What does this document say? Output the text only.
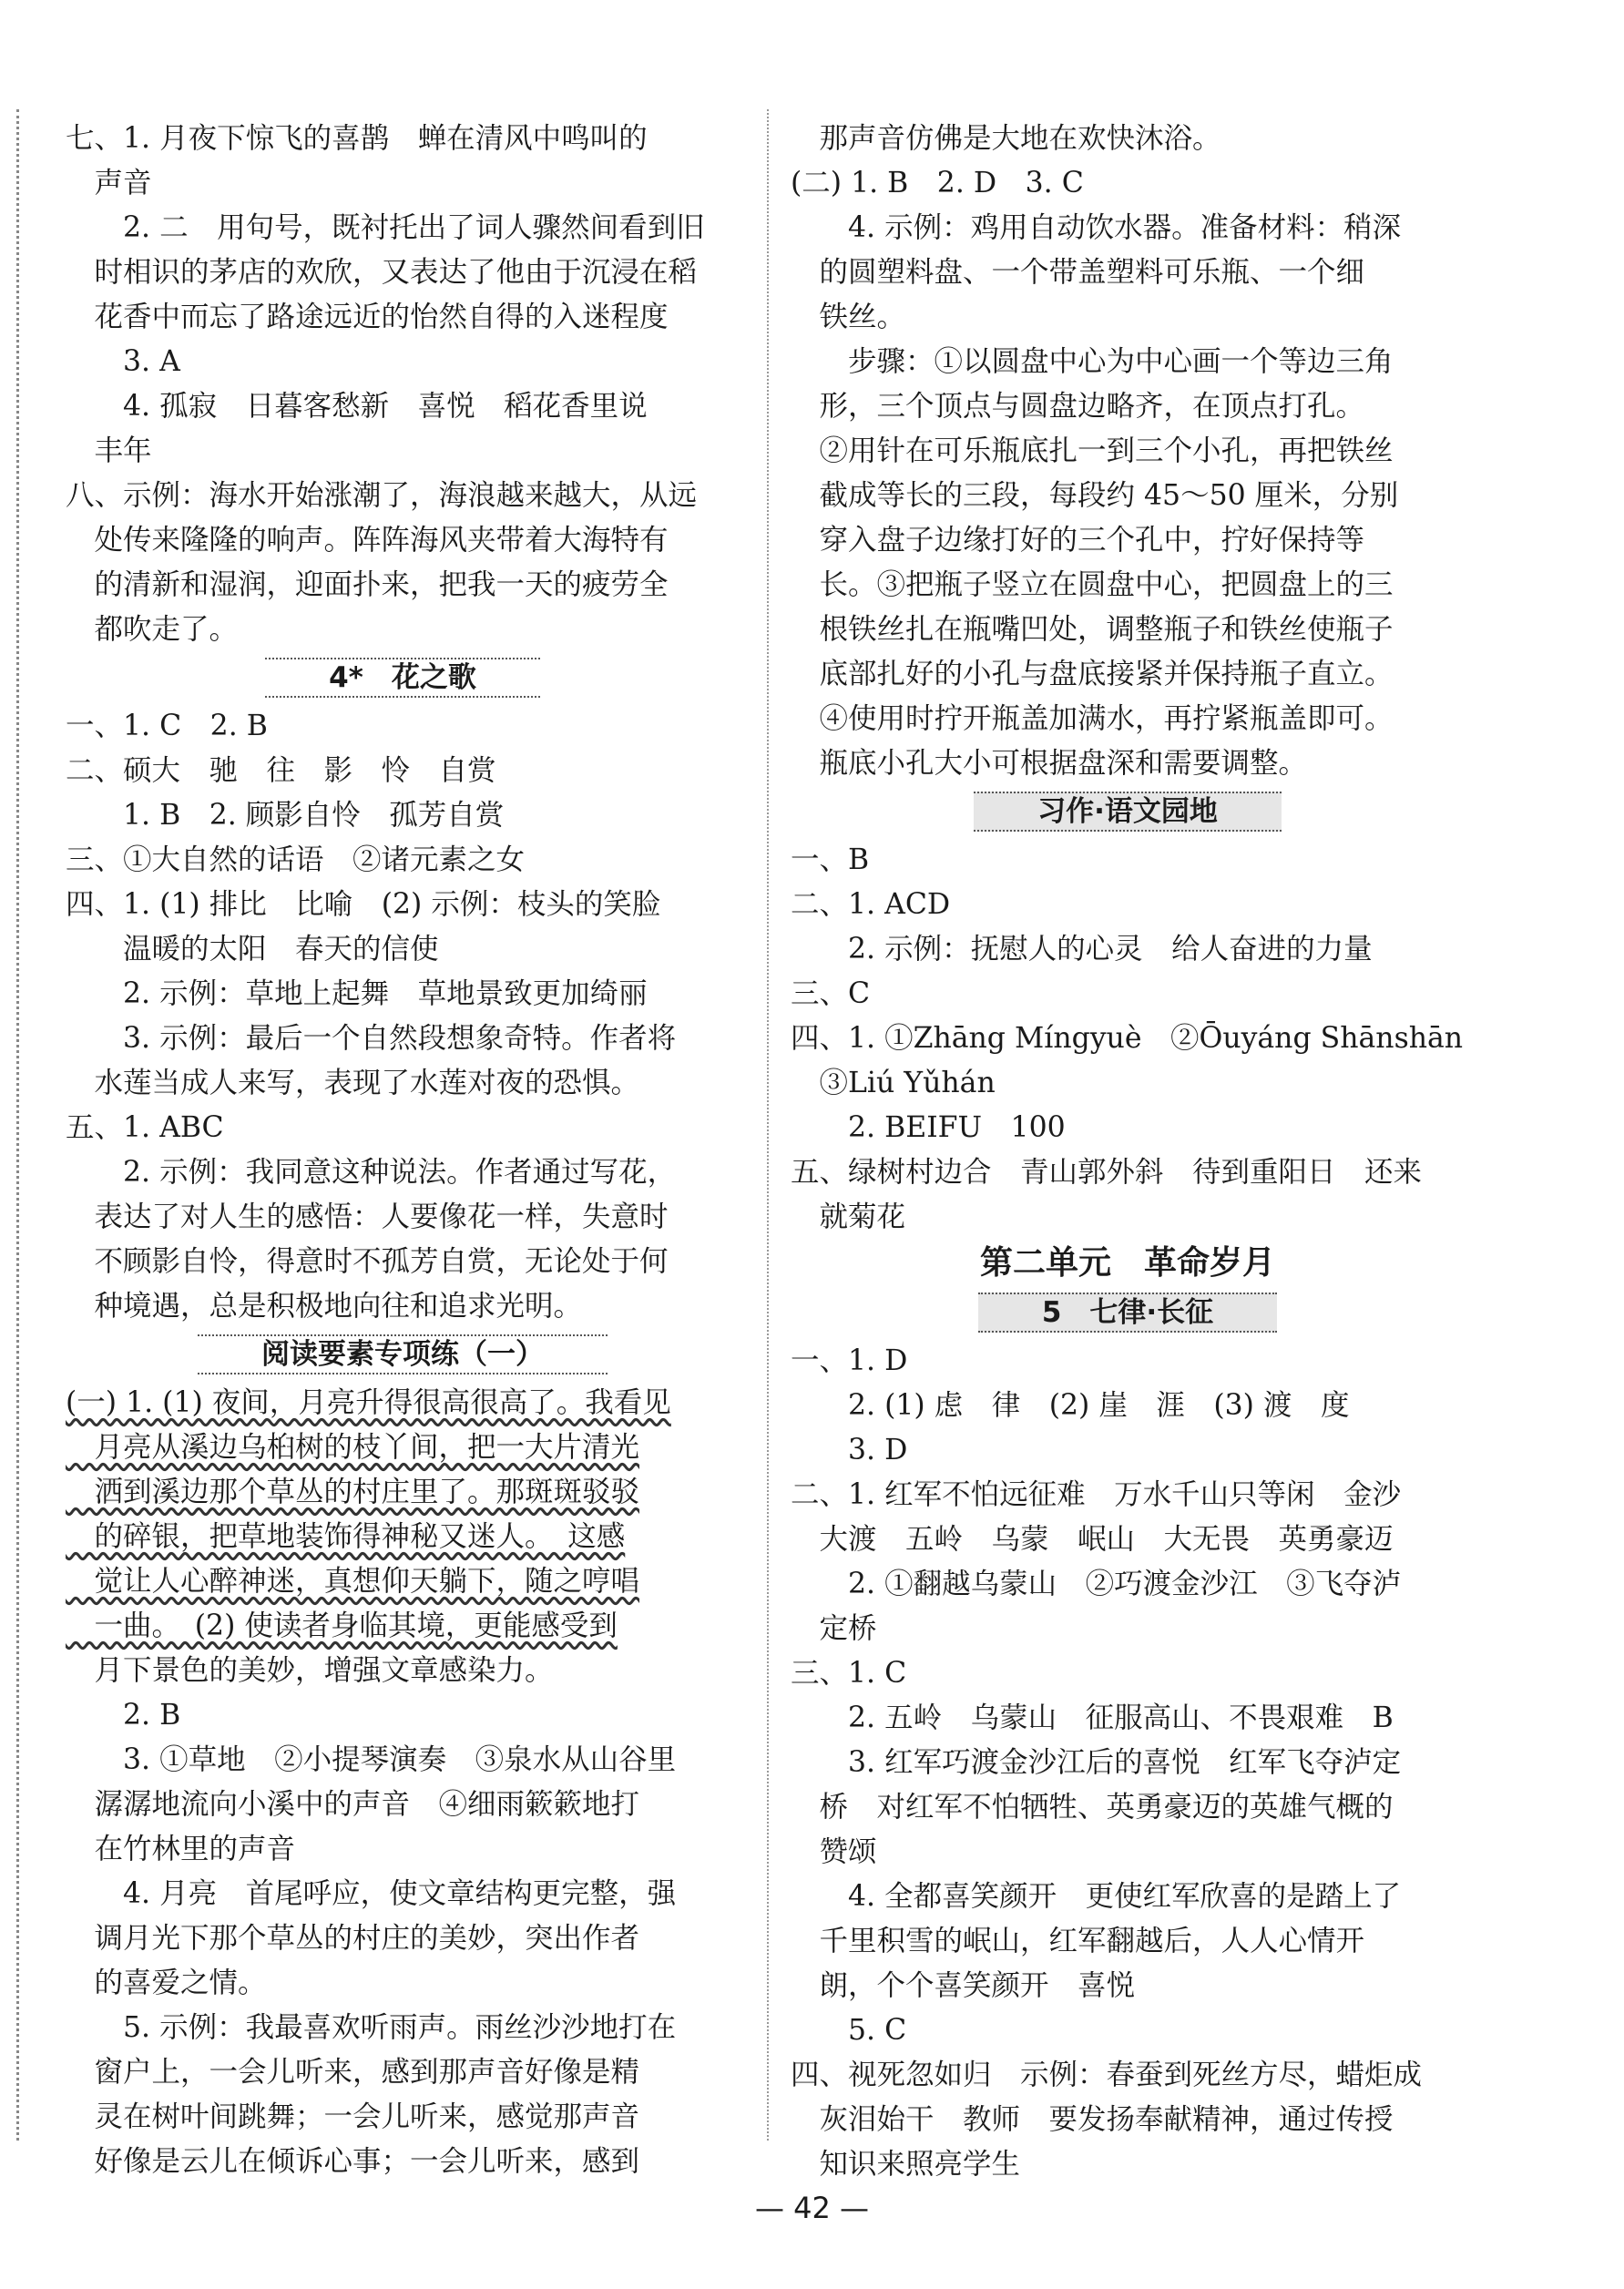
七、1. 月夜下惊飞的喜鹊　蝉在清风中鸣叫的
　声音
　　2. 二　用句号，既衬托出了词人骤然间看到旧
　时相识的茅店的欢欣，又表达了他由于沉浸在稻
　花香中而忘了路途远近的怡然自得的入迷程度
　　3. A
　　4. 孤寂　日暮客愁新　喜悦　稻花香里说
　丰年
八、示例：海水开始涨潮了，海浪越来越大，从远
　处传来隆隆的响声。阵阵海风夹带着大海特有
　的清新和湿润，迎面扑来，把我一天的疲劳全
　都吹走了。
4*　花之歌
一、1. C　2. B
二、硕大　驰　往　影　怜　自赏
　　1. B　2. 顾影自怜　孤芳自赏
三、①大自然的话语　②诸元素之女
四、1. (1) 排比　比喻　(2) 示例：枝头的笑脸
　　温暖的太阳　春天的信使
　　2. 示例：草地上起舞　草地景致更加绮丽
　　3. 示例：最后一个自然段想象奇特。作者将
　水莲当成人来写，表现了水莲对夜的恐惧。
五、1. ABC
　　2. 示例：我同意这种说法。作者通过写花，
　表达了对人生的感悟：人要像花一样，失意时
　不顾影自怜，得意时不孤芳自赏，无论处于何
　种境遇，总是积极地向往和追求光明。
阅读要素专项练（一）
(一) 1. (1) 夜间，月亮升得很高很高了。我看见
　月亮从溪边乌桕树的枝丫间，把一大片清光
　洒到溪边那个草丛的村庄里了。那斑斑驳驳
　的碎银，把草地装饰得神秘又迷人。　这感
　觉让人心醉神迷，真想仰天躺下，随之哼唱
　一曲。　(2) 使读者身临其境，更能感受到
　月下景色的美妙，增强文章感染力。
　　2. B
　　3. ①草地　②小提琴演奏　③泉水从山谷里
　潺潺地流向小溪中的声音　④细雨簌簌地打
　在竹林里的声音
　　4. 月亮　首尾呼应，使文章结构更完整，强
　调月光下那个草丛的村庄的美妙，突出作者
　的喜爱之情。
　　5. 示例：我最喜欢听雨声。雨丝沙沙地打在
　窗户上，一会儿听来，感到那声音好像是精
　灵在树叶间跳舞；一会儿听来，感觉那声音
　好像是云儿在倾诉心事；一会儿听来，感到
　那声音仿佛是大地在欢快沐浴。
(二) 1. B　2. D　3. C
　　4. 示例：鸡用自动饮水器。准备材料：稍深
　的圆塑料盘、一个带盖塑料可乐瓶、一个细
　铁丝。
　　步骤：①以圆盘中心为中心画一个等边三角
　形，三个顶点与圆盘边略齐，在顶点打孔。
　②用针在可乐瓶底扎一到三个小孔，再把铁丝
　截成等长的三段，每段约 45～50 厘米，分别
　穿入盘子边缘打好的三个孔中，拧好保持等
　长。③把瓶子竖立在圆盘中心，把圆盘上的三
　根铁丝扎在瓶嘴凹处，调整瓶子和铁丝使瓶子
　底部扎好的小孔与盘底接紧并保持瓶子直立。
　④使用时拧开瓶盖加满水，再拧紧瓶盖即可。
　瓶底小孔大小可根据盘深和需要调整。
习作·语文园地
一、B
二、1. ACD
　　2. 示例：抚慰人的心灵　给人奋进的力量
三、C
四、1. ①Zhāng Míngyuè　②Ōuyáng Shānshān
　③Liú Yǔhán
　　2. BEIFU　100
五、绿树村边合　青山郭外斜　待到重阳日　还来
　就菊花
第二单元　革命岁月
5　七律·长征
一、1. D
　　2. (1) 虑　律　(2) 崖　涯　(3) 渡　度
　　3. D
二、1. 红军不怕远征难　万水千山只等闲　金沙
　大渡　五岭　乌蒙　岷山　大无畏　英勇豪迈
　　2. ①翻越乌蒙山　②巧渡金沙江　③飞夺泸
　定桥
三、1. C
　　2. 五岭　乌蒙山　征服高山、不畏艰难　B
　　3. 红军巧渡金沙江后的喜悦　红军飞夺泸定
　桥　对红军不怕牺牲、英勇豪迈的英雄气概的
　赞颂
　　4. 全都喜笑颜开　更使红军欣喜的是踏上了
　千里积雪的岷山，红军翻越后，人人心情开
　朗，个个喜笑颜开　喜悦
　　5. C
四、视死忽如归　示例：春蚕到死丝方尽，蜡炬成
　灰泪始干　教师　要发扬奉献精神，通过传授
　知识来照亮学生
— 42 —
